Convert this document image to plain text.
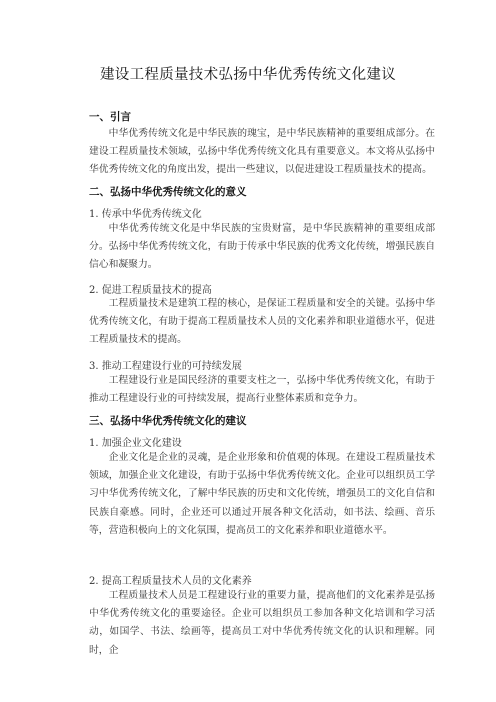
建设工程质量技术弘扬中华优秀传统文化建议
一、引言
中华优秀传统文化是中华民族的瑰宝，是中华民族精神的重要组成部分。在建设工程质量技术领域，弘扬中华优秀传统文化具有重要意义。本文将从弘扬中华优秀传统文化的角度出发，提出一些建议，以促进建设工程质量技术的提高。
二、弘扬中华优秀传统文化的意义
1. 传承中华优秀传统文化
中华优秀传统文化是中华民族的宝贵财富，是中华民族精神的重要组成部分。弘扬中华优秀传统文化，有助于传承中华民族的优秀文化传统，增强民族自信心和凝聚力。
2. 促进工程质量技术的提高
工程质量技术是建筑工程的核心，是保证工程质量和安全的关键。弘扬中华优秀传统文化，有助于提高工程质量技术人员的文化素养和职业道德水平，促进工程质量技术的提高。
3. 推动工程建设行业的可持续发展
工程建设行业是国民经济的重要支柱之一，弘扬中华优秀传统文化，有助于推动工程建设行业的可持续发展，提高行业整体素质和竞争力。
三、弘扬中华优秀传统文化的建议
1. 加强企业文化建设
企业文化是企业的灵魂，是企业形象和价值观的体现。在建设工程质量技术领域，加强企业文化建设，有助于弘扬中华优秀传统文化。企业可以组织员工学习中华优秀传统文化，了解中华民族的历史和文化传统，增强员工的文化自信和民族自豪感。同时，企业还可以通过开展各种文化活动，如书法、绘画、音乐等，营造积极向上的文化氛围，提高员工的文化素养和职业道德水平。
2. 提高工程质量技术人员的文化素养
工程质量技术人员是工程建设行业的重要力量，提高他们的文化素养是弘扬中华优秀传统文化的重要途径。企业可以组织员工参加各种文化培训和学习活动，如国学、书法、绘画等，提高员工对中华优秀传统文化的认识和理解。同时，企
